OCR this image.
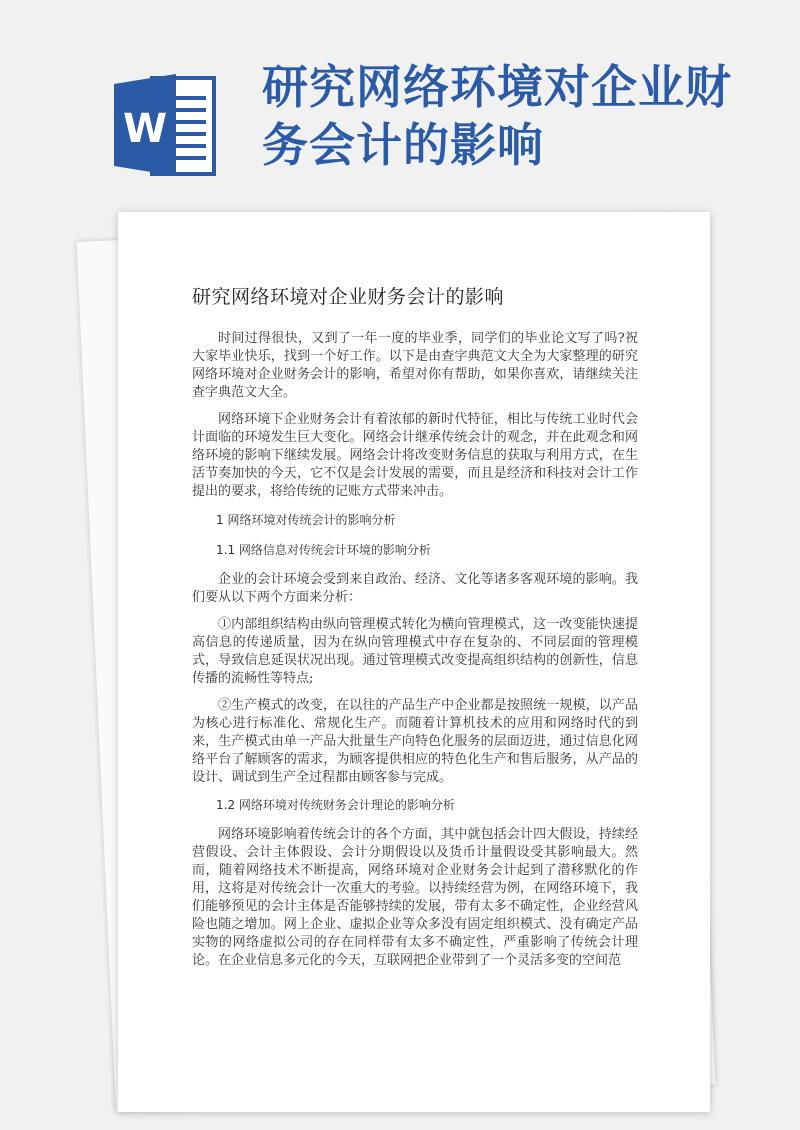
W
研究网络环境对企业财务会计的影响
研究网络环境对企业财务会计的影响

时间过得很快，又到了一年一度的毕业季，同学们的毕业论文写了吗?祝大家毕业快乐，找到一个好工作。以下是由查字典范文大全为大家整理的研究网络环境对企业财务会计的影响，希望对你有帮助，如果你喜欢，请继续关注查字典范文大全。

网络环境下企业财务会计有着浓郁的新时代特征，相比与传统工业时代会计面临的环境发生巨大变化。网络会计继承传统会计的观念，并在此观念和网络环境的影响下继续发展。网络会计将改变财务信息的获取与利用方式，在生活节奏加快的今天，它不仅是会计发展的需要，而且是经济和科技对会计工作提出的要求，将给传统的记账方式带来冲击。

1 网络环境对传统会计的影响分析

1.1 网络信息对传统会计环境的影响分析

企业的会计环境会受到来自政治、经济、文化等诸多客观环境的影响。我们要从以下两个方面来分析：

①内部组织结构由纵向管理模式转化为横向管理模式，这一改变能快速提高信息的传递质量，因为在纵向管理模式中存在复杂的、不同层面的管理模式，导致信息延误状况出现。通过管理模式改变提高组织结构的创新性，信息传播的流畅性等特点;

②生产模式的改变，在以往的产品生产中企业都是按照统一规模，以产品为核心进行标准化、常规化生产。而随着计算机技术的应用和网络时代的到来，生产模式由单一产品大批量生产向特色化服务的层面迈进，通过信息化网络平台了解顾客的需求，为顾客提供相应的特色化生产和售后服务，从产品的设计、调试到生产全过程都由顾客参与完成。

1.2 网络环境对传统财务会计理论的影响分析

网络环境影响着传统会计的各个方面，其中就包括会计四大假设，持续经营假设、会计主体假设、会计分期假设以及货币计量假设受其影响最大。然而，随着网络技术不断提高，网络环境对企业财务会计起到了潜移默化的作用，这将是对传统会计一次重大的考验。以持续经营为例，在网络环境下，我们能够预见的会计主体是否能够持续的发展，带有太多不确定性，企业经营风险也随之增加。网上企业、虚拟企业等众多没有固定组织模式、没有确定产品实物的网络虚拟公司的存在同样带有太多不确定性，严重影响了传统会计理论。在企业信息多元化的今天，互联网把企业带到了一个灵活多变的空间范
